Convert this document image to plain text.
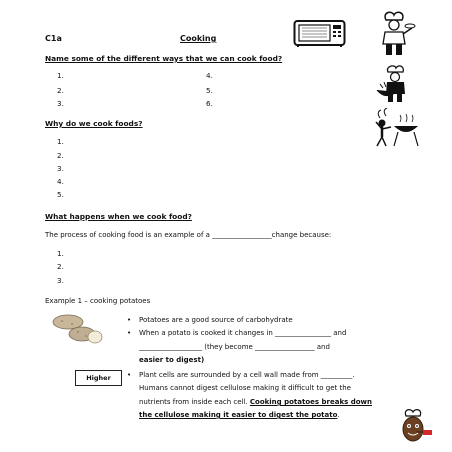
C1a	Cooking
Name some of the different ways that we can cook food?
1.
2.
3.
4.
5.
6.
Why do we cook foods?
1.
2.
3.
4.
5.
What happens when we cook food?
The process of cooking food is an example of a _________________change because:
1.
2.
3.
Example 1 – cooking potatoes
• Potatoes are a good source of carbohydrate
• When a potato is cooked it changes in ________________ and
__________________ (they become _________________ and
easier to digest)
Higher	• Plant cells are surrounded by a cell wall made from _________.
Humans cannot digest cellulose making it difficult to get the
nutrients from inside each cell. Cooking potatoes breaks down
the cellulose making it easier to digest the potato.
